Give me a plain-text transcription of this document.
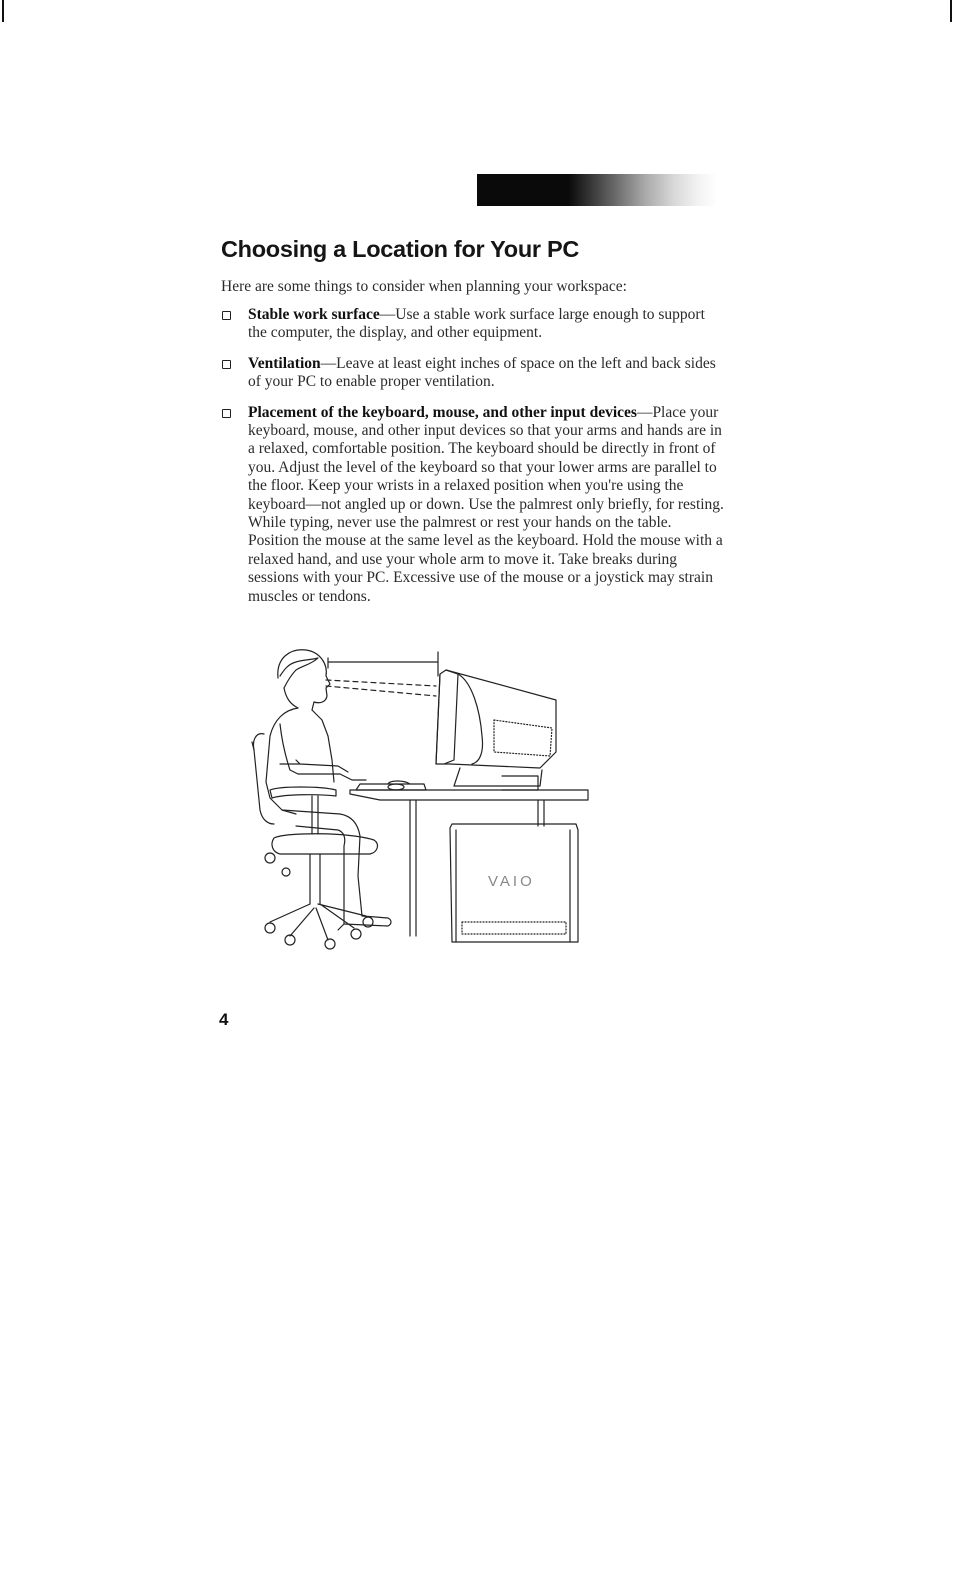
Choosing a Location for Your PC

Here are some things to consider when planning your workspace:

Stable work surface—Use a stable work surface large enough to support the computer, the display, and other equipment.
Ventilation—Leave at least eight inches of space on the left and back sides of your PC to enable proper ventilation.
Placement of the keyboard, mouse, and other input devices—Place your keyboard, mouse, and other input devices so that your arms and hands are in a relaxed, comfortable position. The keyboard should be directly in front of you. Adjust the level of the keyboard so that your lower arms are parallel to the floor. Keep your wrists in a relaxed position when you're using the keyboard—not angled up or down. Use the palmrest only briefly, for resting. While typing, never use the palmrest or rest your hands on the table. Position the mouse at the same level as the keyboard. Hold the mouse with a relaxed hand, and use your whole arm to move it. Take breaks during sessions with your PC. Excessive use of the mouse or a joystick may strain muscles or tendons.
VAIO
4
